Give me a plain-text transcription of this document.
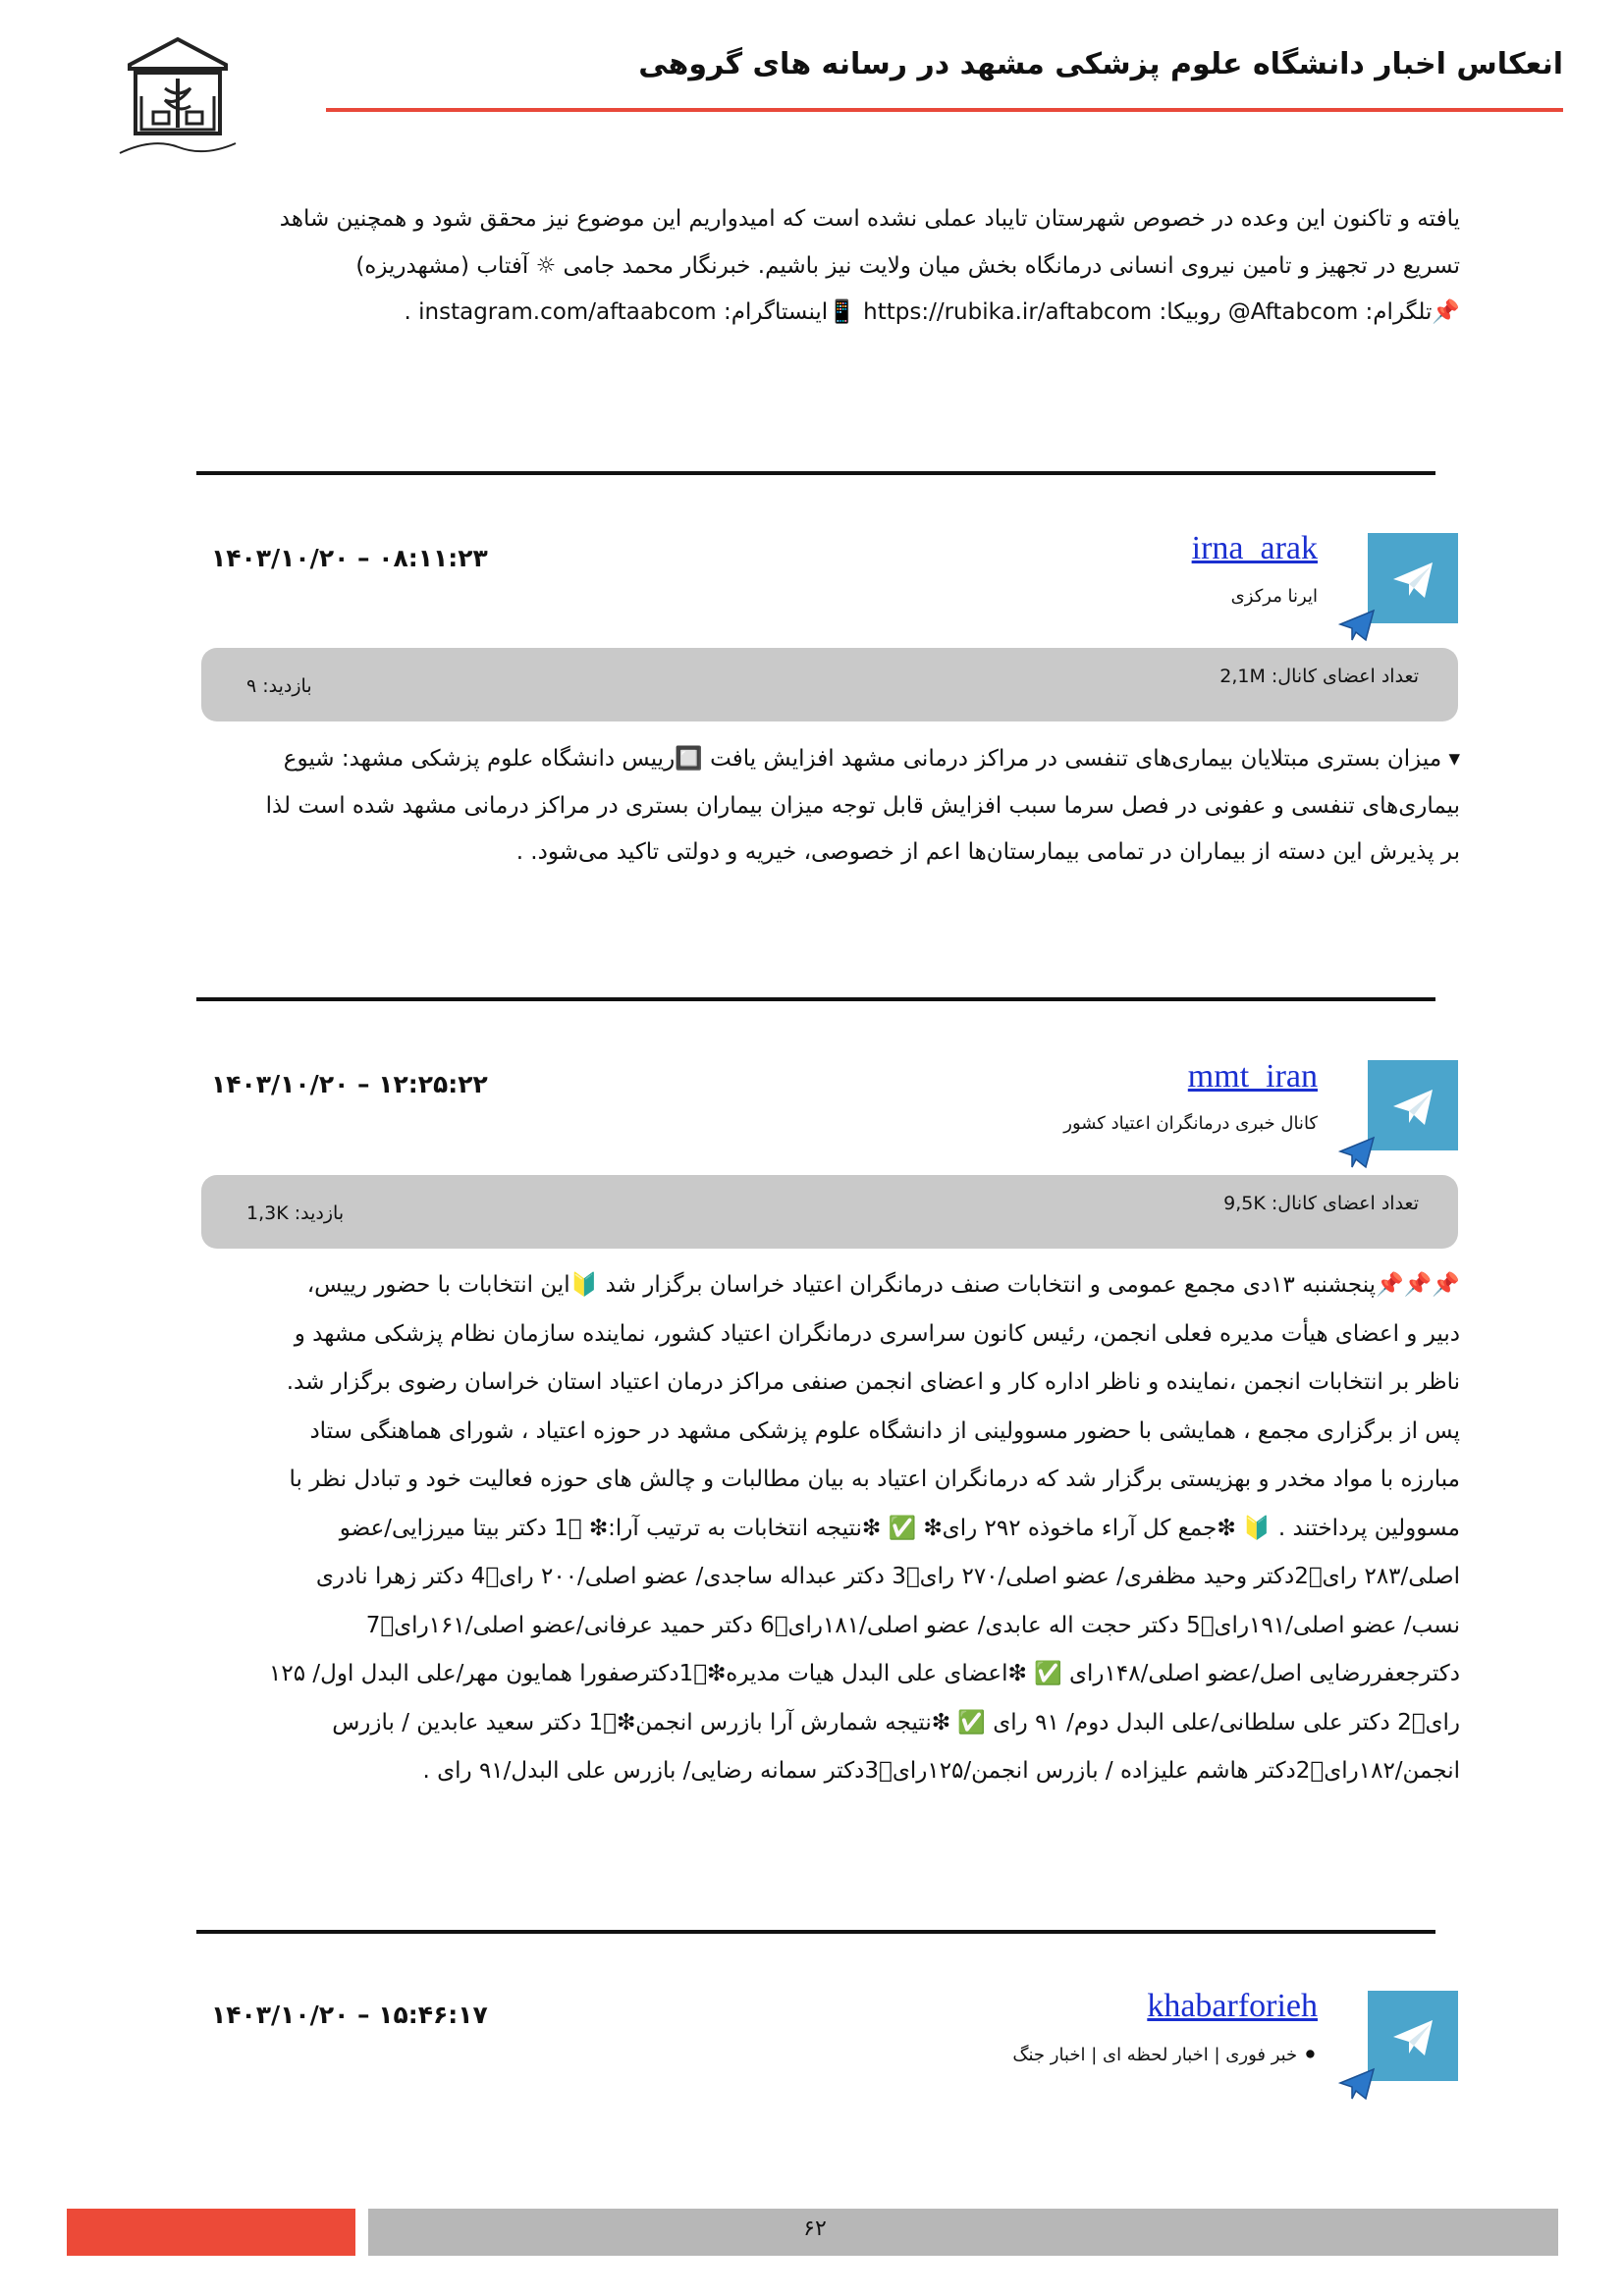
انعکاس اخبار دانشگاه علوم پزشکی مشهد در رسانه های گروهی

یافته و تاکنون این وعده در خصوص شهرستان تایباد عملی نشده است که امیدواریم این موضوع نیز محقق شود و همچنین شاهد

تسریع در تجهیز و تامین نیروی انسانی درمانگاه بخش میان ولایت نیز باشیم. خبرنگار محمد جامی ☼ آفتاب (مشهدریزه)

📌تلگرام: Aftabcom@ روبیکا: https://rubika.ir/aftabcom 📱اینستاگرام: instagram.com/aftaabcom .

irna_arak
ایرنا مرکزی
۰۸:۱۱:۲۳ – ۱۴۰۳/۱۰/۲۰
تعداد اعضای کانال: 2,1M
بازدید: ۹

▾ میزان بستری مبتلایان بیماری‌های تنفسی در مراکز درمانی مشهد افزایش یافت 🔲رییس دانشگاه علوم پزشکی مشهد: شیوع

بیماری‌های تنفسی و عفونی در فصل سرما سبب افزایش قابل توجه میزان بیماران بستری در مراکز درمانی مشهد شده است لذا

بر پذیرش این دسته از بیماران در تمامی بیمارستان‌ها اعم از خصوصی، خیریه و دولتی تاکید می‌شود. .

mmt_iran
کانال خبری درمانگران اعتیاد کشور
۱۲:۲۵:۲۲ – ۱۴۰۳/۱۰/۲۰
تعداد اعضای کانال: 9,5K
بازدید: 1,3K

📌📌📌پنجشنبه ۱۳دی مجمع عمومی و انتخابات صنف درمانگران اعتیاد خراسان برگزار شد 🔰این انتخابات با حضور رییس،

دبیر و اعضای هیأت مدیره فعلی انجمن، رئیس کانون سراسری درمانگران اعتیاد کشور، نماینده سازمان نظام پزشکی مشهد و

ناظر بر انتخابات انجمن ،نماینده و ناظر اداره کار و اعضای انجمن صنفی مراکز درمان اعتیاد استان خراسان رضوی برگزار شد.

پس از برگزاری مجمع ، همایشی با حضور مسوولینی از دانشگاه علوم پزشکی مشهد در حوزه اعتیاد ، شورای هماهنگی ستاد

مبارزه با مواد مخدر و بهزیستی برگزار شد که درمانگران اعتیاد به بیان مطالبات و چالش های حوزه فعالیت خود و تبادل نظر با

مسوولین پرداختند . 🔰 ❇جمع کل آراء ماخوذه ۲۹۲ رای❇ ✅ ❇نتیجه انتخابات به ترتیب آرا:❇ 1⃣ دکتر بیتا میرزایی/عضو

اصلی/۲۸۳ رای2⃣دکتر وحید مظفری/ عضو اصلی/۲۷۰ رای3⃣ دکتر عبداله ساجدی/ عضو اصلی/۲۰۰ رای4⃣ دکتر زهرا نادری

نسب/ عضو اصلی/۱۹۱رای5⃣ دکتر حجت اله عابدی/ عضو اصلی/۱۸۱رای6⃣ دکتر حمید عرفانی/عضو اصلی/۱۶۱رای7⃣

دکترجعفررضایی اصل/عضو اصلی/۱۴۸رای ✅ ❇اعضای علی البدل هیات مدیره❇1⃣دکترصفورا همایون مهر/علی البدل اول/ ۱۲۵

رای2⃣ دکتر علی سلطانی/علی البدل دوم/ ۹۱ رای ✅ ❇نتیجه شمارش آرا بازرس انجمن❇1⃣ دکتر سعید عابدین / بازرس

انجمن/۱۸۲رای2⃣دکتر هاشم علیزاده / بازرس انجمن/۱۲۵رای3⃣دکتر سمانه رضایی/ بازرس علی البدل/۹۱ رای .

khabarforieh
⚫ خبر فوری | اخبار لحظه ای | اخبار جنگ
۱۵:۴۶:۱۷ – ۱۴۰۳/۱۰/۲۰
۶۲
